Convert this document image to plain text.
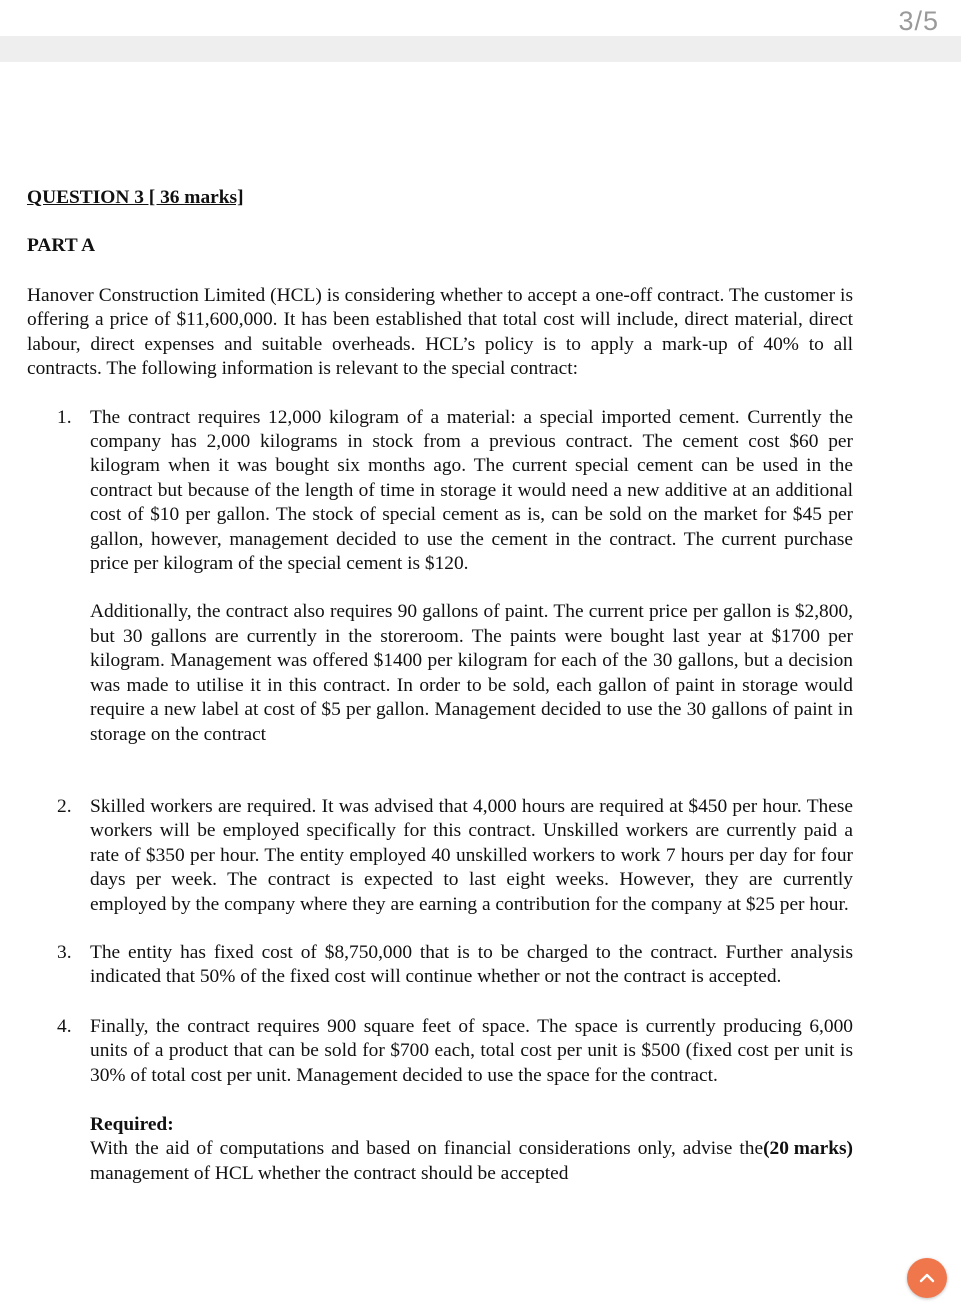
3/5

QUESTION 3 [ 36 marks]

PART A

Hanover Construction Limited (HCL) is considering whether to accept a one-off contract. The customer is offering a price of $11,600,000. It has been established that total cost will include, direct material, direct labour, direct expenses and suitable overheads. HCL’s policy is to apply a mark-up of 40% to all contracts. The following information is relevant to the special contract:

1. The contract requires 12,000 kilogram of a material: a special imported cement. Currently the company has 2,000 kilograms in stock from a previous contract. The cement cost $60 per kilogram when it was bought six months ago. The current special cement can be used in the contract but because of the length of time in storage it would need a new additive at an additional cost of $10 per gallon. The stock of special cement as is, can be sold on the market for $45 per gallon, however, management decided to use the cement in the contract. The current purchase price per kilogram of the special cement is $120.

Additionally, the contract also requires 90 gallons of paint. The current price per gallon is $2,800, but 30 gallons are currently in the storeroom. The paints were bought last year at $1700 per kilogram. Management was offered $1400 per kilogram for each of the 30 gallons, but a decision was made to utilise it in this contract. In order to be sold, each gallon of paint in storage would require a new label at cost of $5 per gallon. Management decided to use the 30 gallons of paint in storage on the contract

2. Skilled workers are required. It was advised that 4,000 hours are required at $450 per hour. These workers will be employed specifically for this contract. Unskilled workers are currently paid a rate of $350 per hour. The entity employed 40 unskilled workers to work 7 hours per day for four days per week. The contract is expected to last eight weeks. However, they are currently employed by the company where they are earning a contribution for the company at $25 per hour.

3. The entity has fixed cost of $8,750,000 that is to be charged to the contract. Further analysis indicated that 50% of the fixed cost will continue whether or not the contract is accepted.

4. Finally, the contract requires 900 square feet of space. The space is currently producing 6,000 units of a product that can be sold for $700 each, total cost per unit is $500 (fixed cost per unit is 30% of total cost per unit. Management decided to use the space for the contract.

Required:

(20 marks)
With the aid of computations and based on financial considerations only, advise the management of HCL whether the contract should be accepted
